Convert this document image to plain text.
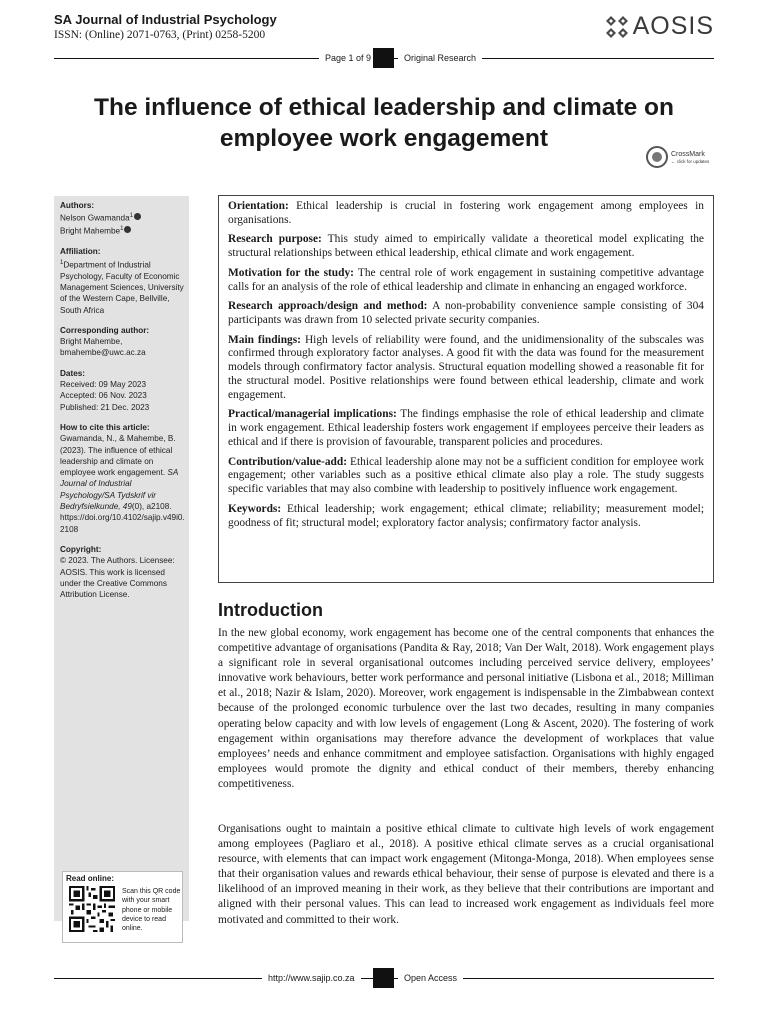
SA Journal of Industrial Psychology
ISSN: (Online) 2071-0763, (Print) 0258-5200	AOSIS
Page 1 of 9	Original Research
The influence of ethical leadership and climate on employee work engagement
CrossMark
← click for updates
Authors:
Nelson Gwamanda$^1$
Bright Mahembe$^1$
Affiliation:
$^1$Department of Industrial Psychology, Faculty of Economic Management Sciences, University of the Western Cape, Bellville, South Africa
Corresponding author:
Bright Mahembe,
bmahembe@uwc.ac.za
Dates:
Received: 09 May 2023
Accepted: 06 Nov. 2023
Published: 21 Dec. 2023
How to cite this article:
Gwamanda, N., & Mahembe, B. (2023). The influence of ethical leadership and climate on employee work engagement. SA Journal of Industrial Psychology/SA Tydskrif vir Bedryfsielkunde, 49(0), a2108. https://doi.org/10.4102/sajip.v49i0.2108
Copyright:
© 2023. The Authors. Licensee: AOSIS. This work is licensed under the Creative Commons Attribution License.
Read online:
Scan this QR code with your smart phone or mobile device to read online.

Orientation: Ethical leadership is crucial in fostering work engagement among employees in organisations.

Research purpose: This study aimed to empirically validate a theoretical model explicating the structural relationships between ethical leadership, ethical climate and work engagement.

Motivation for the study: The central role of work engagement in sustaining competitive advantage calls for an analysis of the role of ethical leadership and climate in enhancing an engaged workforce.

Research approach/design and method: A non-probability convenience sample consisting of 304 participants was drawn from 10 selected private security companies.

Main findings: High levels of reliability were found, and the unidimensionality of the subscales was confirmed through exploratory factor analyses. A good fit with the data was found for the measurement models through confirmatory factor analysis. Structural equation modelling showed a reasonable fit for the structural model. Positive relationships were found between ethical leadership, climate and work engagement.

Practical/managerial implications: The findings emphasise the role of ethical leadership and climate in work engagement. Ethical leadership fosters work engagement if employees perceive their leaders as ethical and if there is provision of favourable, transparent policies and procedures.

Contribution/value-add: Ethical leadership alone may not be a sufficient condition for employee work engagement; other variables such as a positive ethical climate also play a role. The study suggests specific variables that may also combine with leadership to positively influence work engagement.

Keywords: Ethical leadership; work engagement; ethical climate; reliability; measurement model; goodness of fit; structural model; exploratory factor analysis; confirmatory factor analysis.

Introduction

In the new global economy, work engagement has become one of the central components that enhances the competitive advantage of organisations (Pandita & Ray, 2018; Van Der Walt, 2018). Work engagement plays a significant role in several organisational outcomes including perceived service delivery, employees’ innovative work behaviours, better work performance and personal initiative (Lisbona et al., 2018; Milliman et al., 2018; Nazir & Islam, 2020). Moreover, work engagement is indispensable in the Zimbabwean context because of the prolonged economic turbulence over the last two decades, resulting in many companies operating below capacity and with low levels of engagement (Long & Ascent, 2020). The fostering of work engagement within organisations may therefore advance the development of workplaces that value employees’ needs and enhance commitment and employee satisfaction. Organisations with highly engaged employees would promote the dignity and ethical conduct of their members, thereby enhancing competitiveness.

Organisations ought to maintain a positive ethical climate to cultivate high levels of work engagement among employees (Pagliaro et al., 2018). A positive ethical climate serves as a crucial organisational resource, with elements that can impact work engagement (Mitonga-Monga, 2018). When employees sense that their organisation values and rewards ethical behaviour, their sense of purpose is elevated and there is a likelihood of an improved meaning in their work, as they believe that their contributions are important and aligned with their personal values. This can lead to increased work engagement as individuals feel more motivated and committed to their work.

http://www.sajip.co.za	Open Access
